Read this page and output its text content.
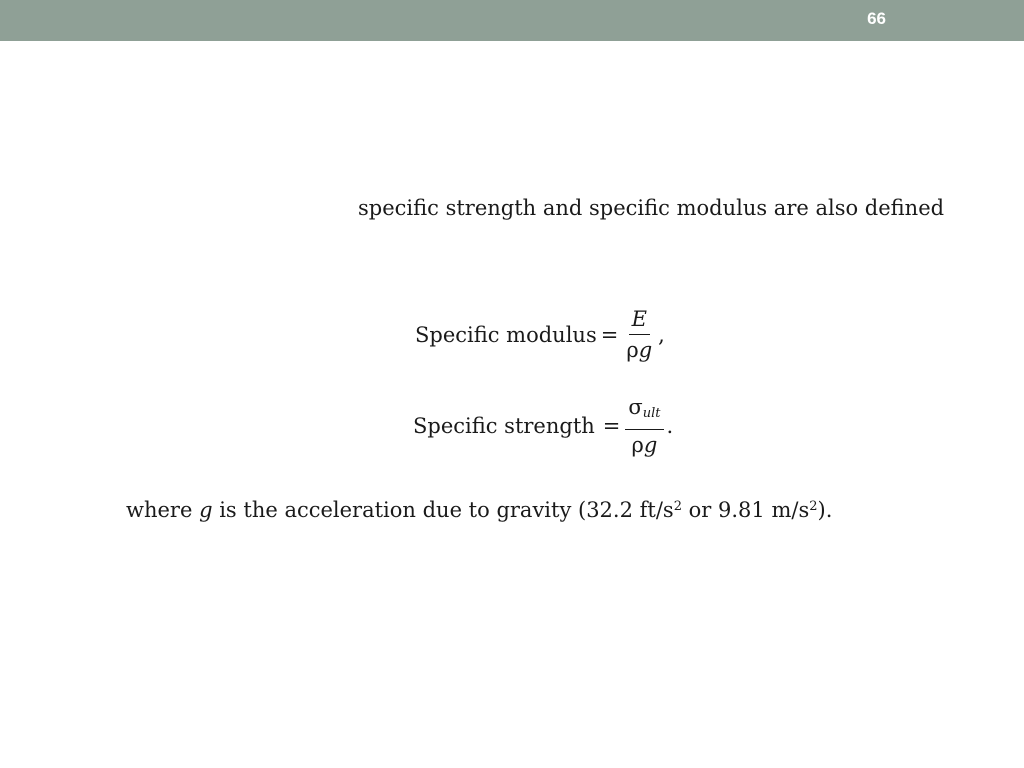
66
specific strength and specific modulus are also defined
Specific modulus = $\frac{E}{\rho g}$ ,
Specific strength = $\frac{\sigma_{ult}}{\rho g}$ .
where g is the acceleration due to gravity (32.2 $ft/s^2$ or 9.81 $m/s^2$).
